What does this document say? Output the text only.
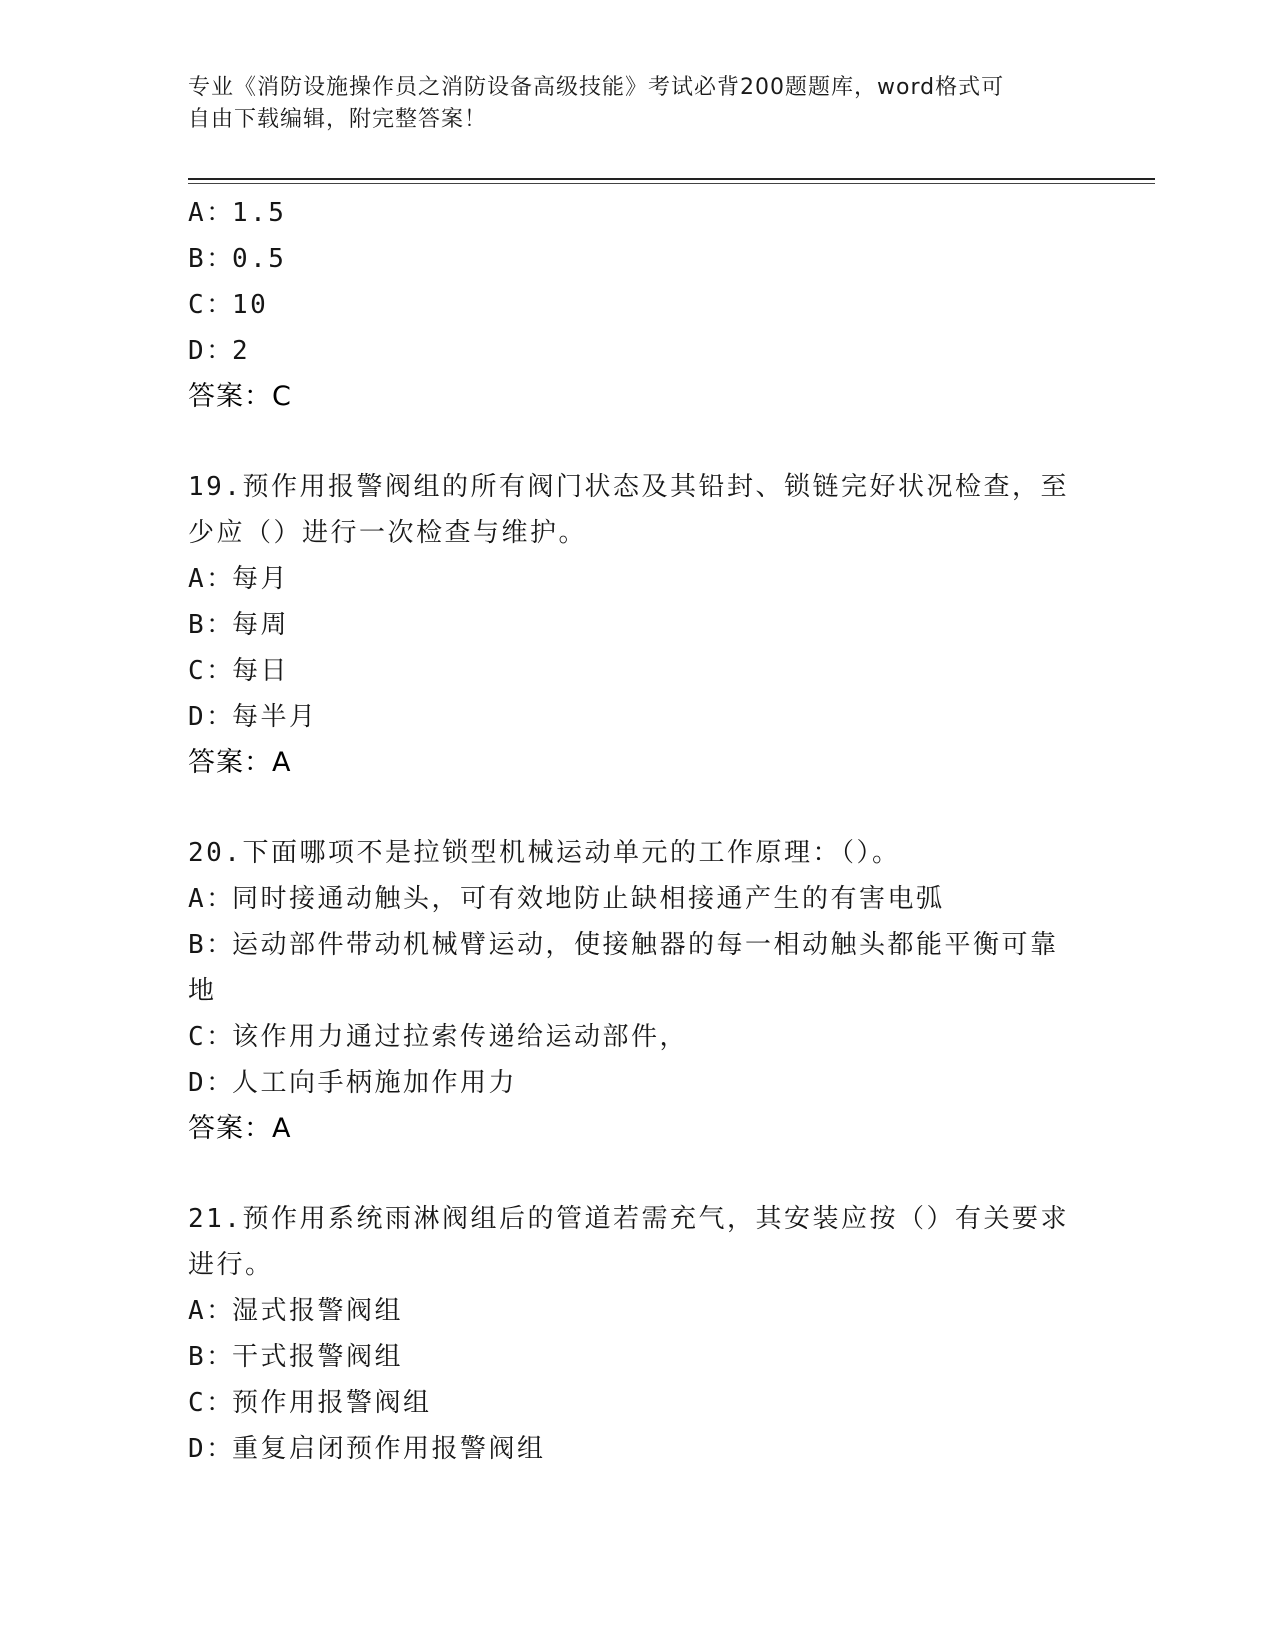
专业《消防设施操作员之消防设备高级技能》考试必背200题题库，word格式可
自由下载编辑，附完整答案！
A：1.5
B：0.5
C：10
D：2
答案：C
19.预作用报警阀组的所有阀门状态及其铅封、锁链完好状况检查，至
少应（）进行一次检查与维护。
A：每月
B：每周
C：每日
D：每半月
答案：A
20.下面哪项不是拉锁型机械运动单元的工作原理：（）。
A：同时接通动触头，可有效地防止缺相接通产生的有害电弧
B：运动部件带动机械臂运动，使接触器的每一相动触头都能平衡可靠
地
C：该作用力通过拉索传递给运动部件，
D：人工向手柄施加作用力
答案：A
21.预作用系统雨淋阀组后的管道若需充气，其安装应按（）有关要求
进行。
A：湿式报警阀组
B：干式报警阀组
C：预作用报警阀组
D：重复启闭预作用报警阀组
